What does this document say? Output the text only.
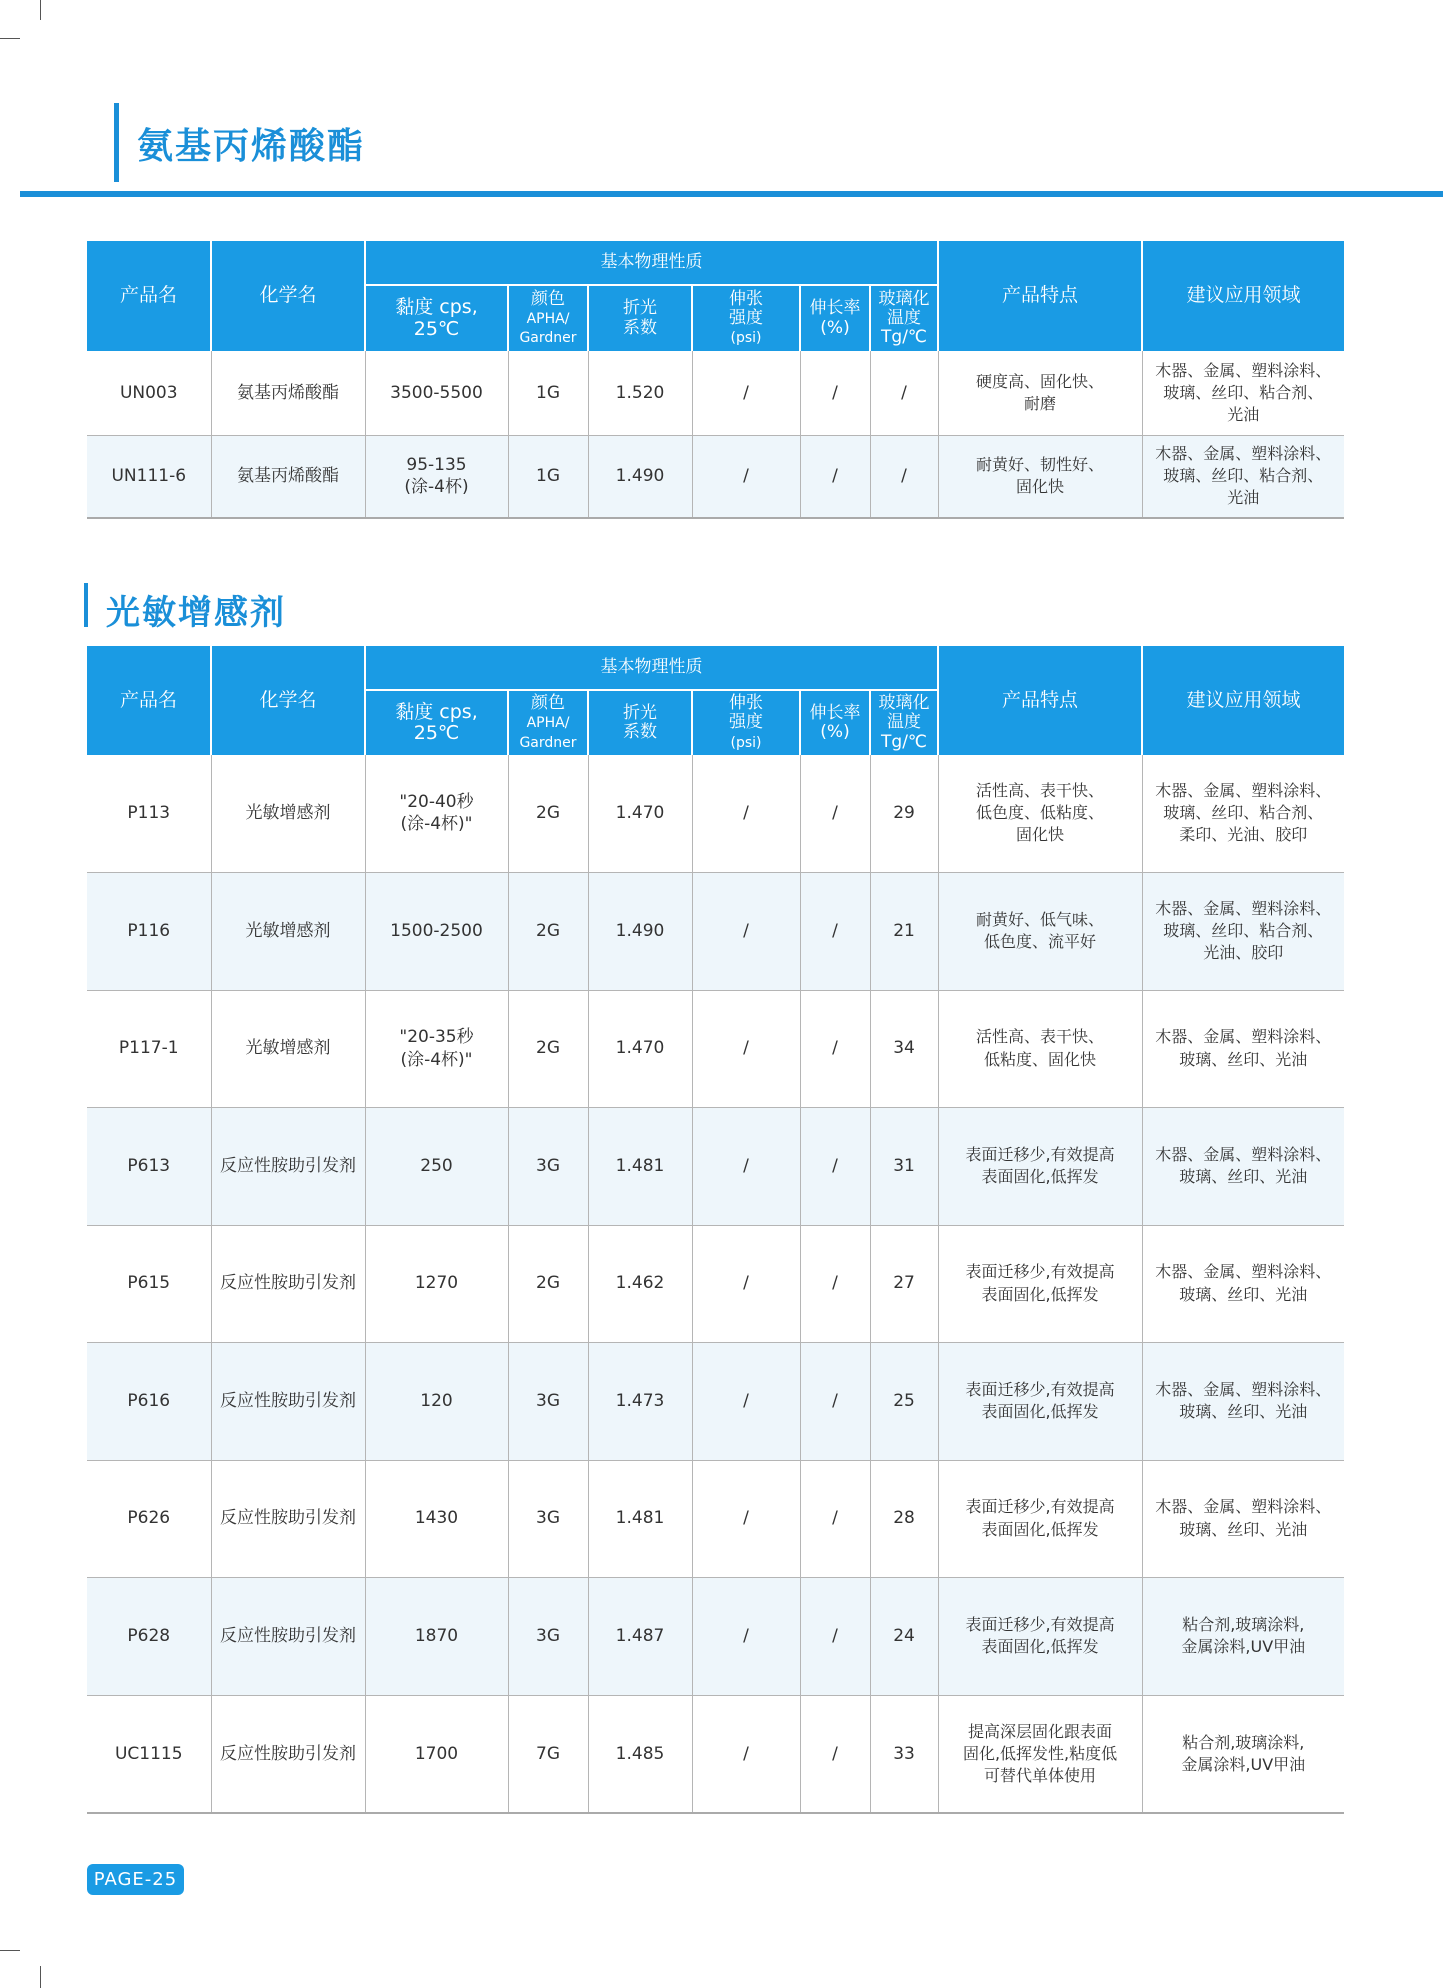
氨基丙烯酸酯
产品名	化学名	基本物理性质						产品特点	建议应用领域
		黏度 cps,
25℃	颜色
APHA/
Gardner	折光
系数	伸张
强度
(psi)	伸长率
(%)	玻璃化
温度
Tg/℃		
UN003	氨基丙烯酸酯	3500-5500	1G	1.520	/	/	/	硬度高、固化快、
耐磨	木器、金属、塑料涂料、
玻璃、丝印、粘合剂、
光油
UN111-6	氨基丙烯酸酯	95-135
(涂-4杯)	1G	1.490	/	/	/	耐黄好、韧性好、
固化快	木器、金属、塑料涂料、
玻璃、丝印、粘合剂、
光油
光敏增感剂
产品名	化学名	基本物理性质						产品特点	建议应用领域
		黏度 cps,
25℃	颜色
APHA/
Gardner	折光
系数	伸张
强度
(psi)	伸长率
(%)	玻璃化
温度
Tg/℃		
P113	光敏增感剂	"20-40秒
(涂-4杯)"	2G	1.470	/	/	29	活性高、表干快、
低色度、低粘度、
固化快	木器、金属、塑料涂料、
玻璃、丝印、粘合剂、
柔印、光油、胶印
P116	光敏增感剂	1500-2500	2G	1.490	/	/	21	耐黄好、低气味、
低色度、流平好	木器、金属、塑料涂料、
玻璃、丝印、粘合剂、
光油、胶印
P117-1	光敏增感剂	"20-35秒
(涂-4杯)"	2G	1.470	/	/	34	活性高、表干快、
低粘度、固化快	木器、金属、塑料涂料、
玻璃、丝印、光油
P613	反应性胺助引发剂	250	3G	1.481	/	/	31	表面迁移少,有效提高
表面固化,低挥发	木器、金属、塑料涂料、
玻璃、丝印、光油
P615	反应性胺助引发剂	1270	2G	1.462	/	/	27	表面迁移少,有效提高
表面固化,低挥发	木器、金属、塑料涂料、
玻璃、丝印、光油
P616	反应性胺助引发剂	120	3G	1.473	/	/	25	表面迁移少,有效提高
表面固化,低挥发	木器、金属、塑料涂料、
玻璃、丝印、光油
P626	反应性胺助引发剂	1430	3G	1.481	/	/	28	表面迁移少,有效提高
表面固化,低挥发	木器、金属、塑料涂料、
玻璃、丝印、光油
P628	反应性胺助引发剂	1870	3G	1.487	/	/	24	表面迁移少,有效提高
表面固化,低挥发	粘合剂,玻璃涂料,
金属涂料,UV甲油
UC1115	反应性胺助引发剂	1700	7G	1.485	/	/	33	提高深层固化跟表面
固化,低挥发性,粘度低
可替代单体使用	粘合剂,玻璃涂料,
金属涂料,UV甲油
PAGE-25
